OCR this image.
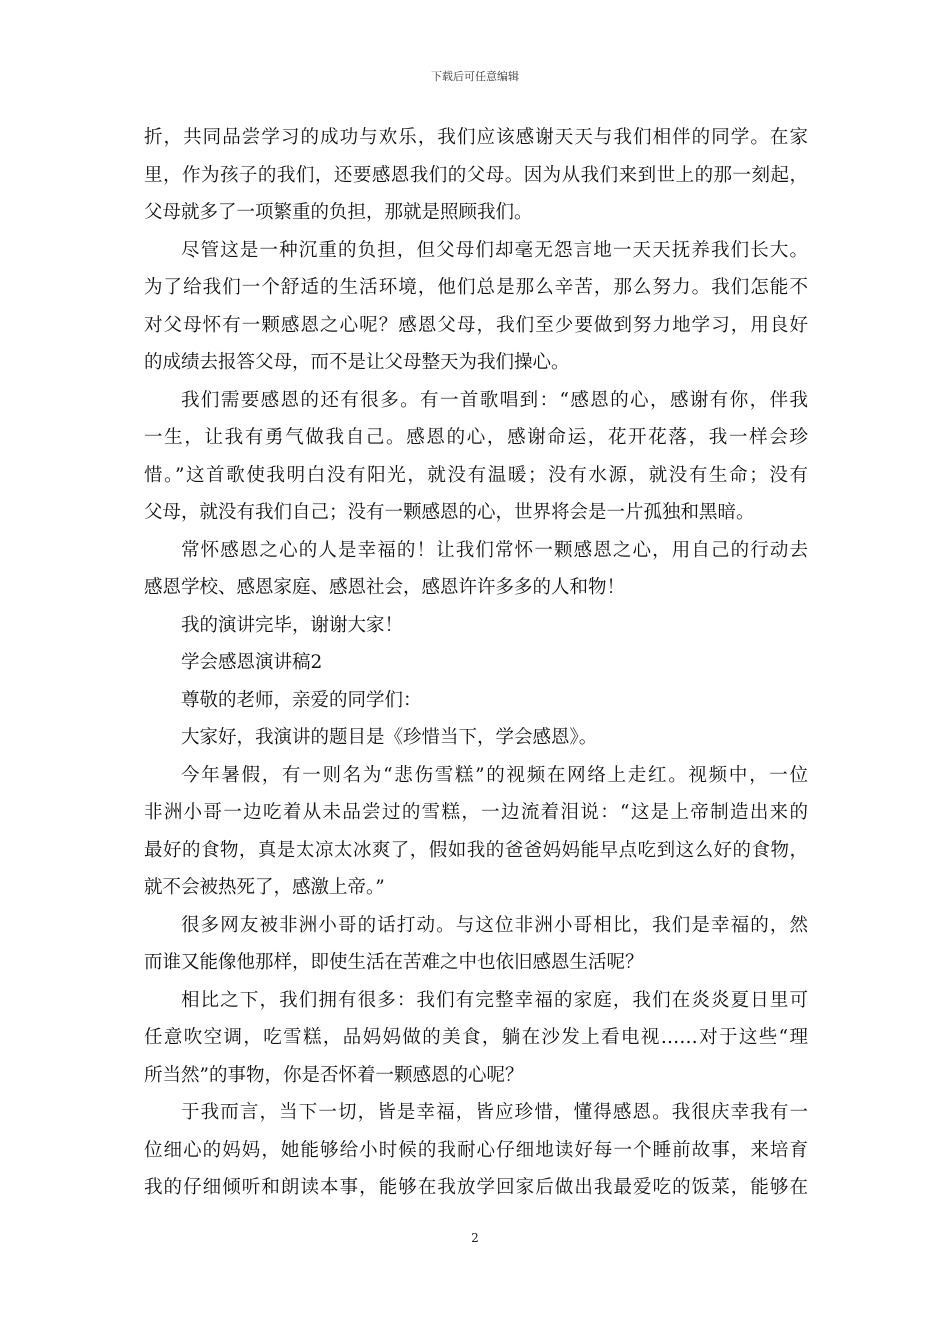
下载后可任意编辑
折，共同品尝学习的成功与欢乐，我们应该感谢天天与我们相伴的同学。在家
里，作为孩子的我们，还要感恩我们的父母。因为从我们来到世上的那一刻起，
父母就多了一项繁重的负担，那就是照顾我们。
尽管这是一种沉重的负担，但父母们却毫无怨言地一天天抚养我们长大。
为了给我们一个舒适的生活环境，他们总是那么辛苦，那么努力。我们怎能不
对父母怀有一颗感恩之心呢？感恩父母，我们至少要做到努力地学习，用良好
的成绩去报答父母，而不是让父母整天为我们操心。
我们需要感恩的还有很多。有一首歌唱到：“感恩的心，感谢有你，伴我
一生，让我有勇气做我自己。感恩的心，感谢命运，花开花落，我一样会珍
惜。”这首歌使我明白没有阳光，就没有温暖；没有水源，就没有生命；没有
父母，就没有我们自己；没有一颗感恩的心，世界将会是一片孤独和黑暗。
常怀感恩之心的人是幸福的！让我们常怀一颗感恩之心，用自己的行动去
感恩学校、感恩家庭、感恩社会，感恩许许多多的人和物！
我的演讲完毕，谢谢大家！
学会感恩演讲稿2
尊敬的老师，亲爱的同学们：
大家好，我演讲的题目是《珍惜当下，学会感恩》。
今年暑假，有一则名为“悲伤雪糕”的视频在网络上走红。视频中，一位
非洲小哥一边吃着从未品尝过的雪糕，一边流着泪说：“这是上帝制造出来的
最好的食物，真是太凉太冰爽了，假如我的爸爸妈妈能早点吃到这么好的食物，
就不会被热死了，感激上帝。”
很多网友被非洲小哥的话打动。与这位非洲小哥相比，我们是幸福的，然
而谁又能像他那样，即使生活在苦难之中也依旧感恩生活呢？
相比之下，我们拥有很多：我们有完整幸福的家庭，我们在炎炎夏日里可
任意吹空调，吃雪糕，品妈妈做的美食，躺在沙发上看电视……对于这些“理
所当然”的事物，你是否怀着一颗感恩的心呢？
于我而言，当下一切，皆是幸福，皆应珍惜，懂得感恩。我很庆幸我有一
位细心的妈妈，她能够给小时候的我耐心仔细地读好每一个睡前故事，来培育
我的仔细倾听和朗读本事，能够在我放学回家后做出我最爱吃的饭菜，能够在
2
